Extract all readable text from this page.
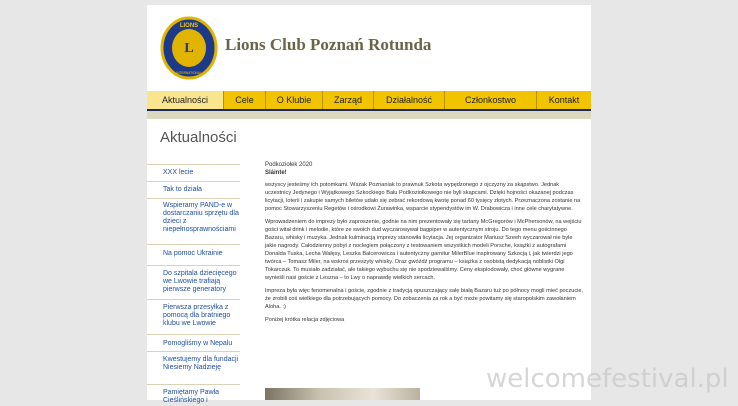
LIONS
L
INTERNATIONAL
Lions Club Poznań Rotunda
Aktualności	Cele	O Klubie	Zarząd	Działalność	Członkostwo	Kontakt
Aktualności
XXX lecie
Tak to działa
Wspieramy PAND-e w dostarczaniu sprzętu dla dzieci z niepełnosprawnościami
Na pomoc Ukrainie
Do szpitala dziecięcego we Lwowie trafiają pierwsze generatory
Pierwsza przesyłka z pomocą dla bratniego klubu we Lwowie
Pomogliśmy w Nepalu
Kwestujemy dla fundacji Niesiemy Nadzieję
Pamiętamy Pawła Cieślińskiego i

Podkoziołek 2020

Sláinte!

wszyscy jesteśmy ich potomkami. Wszak Poznaniak to prawnuk Szkota wypędzonego z ojczyzny za skąpstwo. Jednak uczestnicy Jedynego i Wyjątkowego Szkockiego Balu Podkoziołkowego nie byli skąpcami. Dzięki hojności okazanej podczas licytacji, loterii i zakupie samych biletów udało się zebrać rekordową kwotę ponad 60 tysięcy złotych. Przeznaczona zostanie na pomoc Stowarzyszeniu Regetów i ośrodkowi Żurawinka, wsparcie stypendystów im W. Drabowicza i inne cele charytatywne.

Wprowadzeniem do imprezy było zaproszenie, godnie na nim prezentowały się tartany McGregorów i McPhersonów, na wejściu gości witał drink i melodie, które ze swoich dud wyczarowywał bagpiper w autentycznym stroju. Do tego menu gościnnego Bazaru, whisky i muzyka. Jednak kulminacją imprezy stanowiła licytacja. Jej organizator Mariusz Szeeh wyczarował nie byle jakie nagrody. Całodzienny pobyt z noclegiem połączony z testowaniem wszystkich modeli Porsche, książki z autografami Donalda Tuska, Lecha Wałęsy, Leszka Balcerowicza i autentyczny garnitur MilerBlue inspirowany Szkocją i, jak twierdzi jego twórca – Tomasz Miler, na wskroś przeszyty whisky. Oraz gwóźdź programu – książka z osobistą dedykacją noblistki Olgi Tokarczuk. To musiało zadziałać, ale takiego wybuchu się nie spodziewaliśmy. Ceny eksplodowały, choć główne wygrane wynieśli nasi goście z Leszna – to Lwy o naprawdę wielkich sercach.

Impreza była więc fenomenalna i goście, zgodnie z tradycją opuszczający salę białą Bazaru tuż po północy mogli mieć poczucie, że zrobili coś wielkiego dla potrzebujących pomocy. Do zobaczenia za rok a być może powitamy się staropolskim zawołaniem Aloha. :)

Poniżej krótka relacja zdjęciowa

welcomefestival.pl
